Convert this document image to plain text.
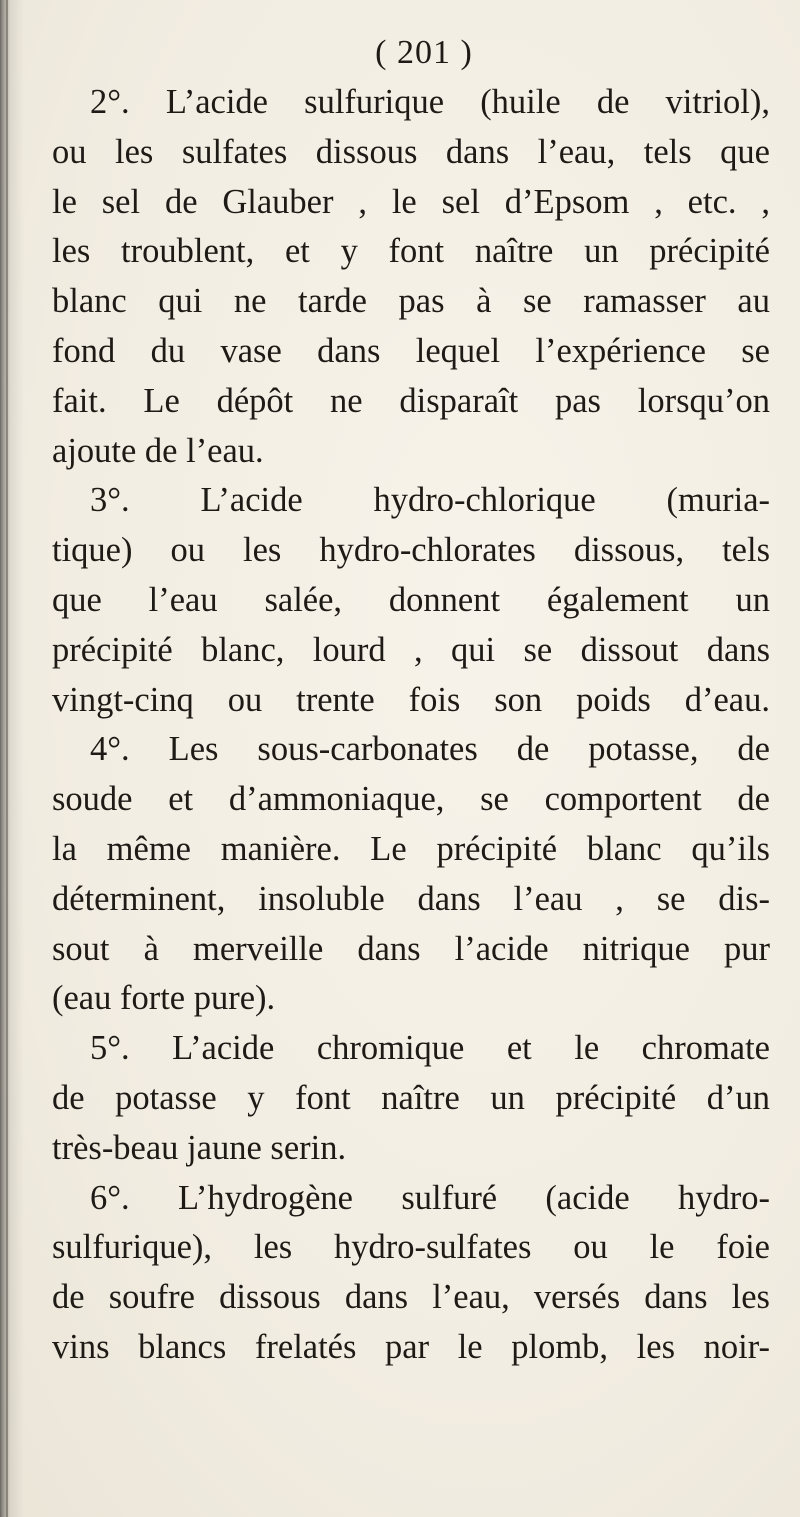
( 201 )
2°. L’acide sulfurique (huile de vitriol),
ou les sulfates dissous dans l’eau, tels que
le sel de Glauber , le sel d’Epsom , etc. ,
les troublent, et y font naître un précipité
blanc qui ne tarde pas à se ramasser au
fond du vase dans lequel l’expérience se
fait. Le dépôt ne disparaît pas lorsqu’on
ajoute de l’eau.
3°. L’acide hydro-chlorique (muria-
tique) ou les hydro-chlorates dissous, tels
que l’eau salée, donnent également un
précipité blanc, lourd , qui se dissout dans
vingt-cinq ou trente fois son poids d’eau.
4°. Les sous-carbonates de potasse, de
soude et d’ammoniaque, se comportent de
la même manière. Le précipité blanc qu’ils
déterminent, insoluble dans l’eau , se dis-
sout à merveille dans l’acide nitrique pur
(eau forte pure).
5°. L’acide chromique et le chromate
de potasse y font naître un précipité d’un
très-beau jaune serin.
6°. L’hydrogène sulfuré (acide hydro-
sulfurique), les hydro-sulfates ou le foie
de soufre dissous dans l’eau, versés dans les
vins blancs frelatés par le plomb, les noir-
